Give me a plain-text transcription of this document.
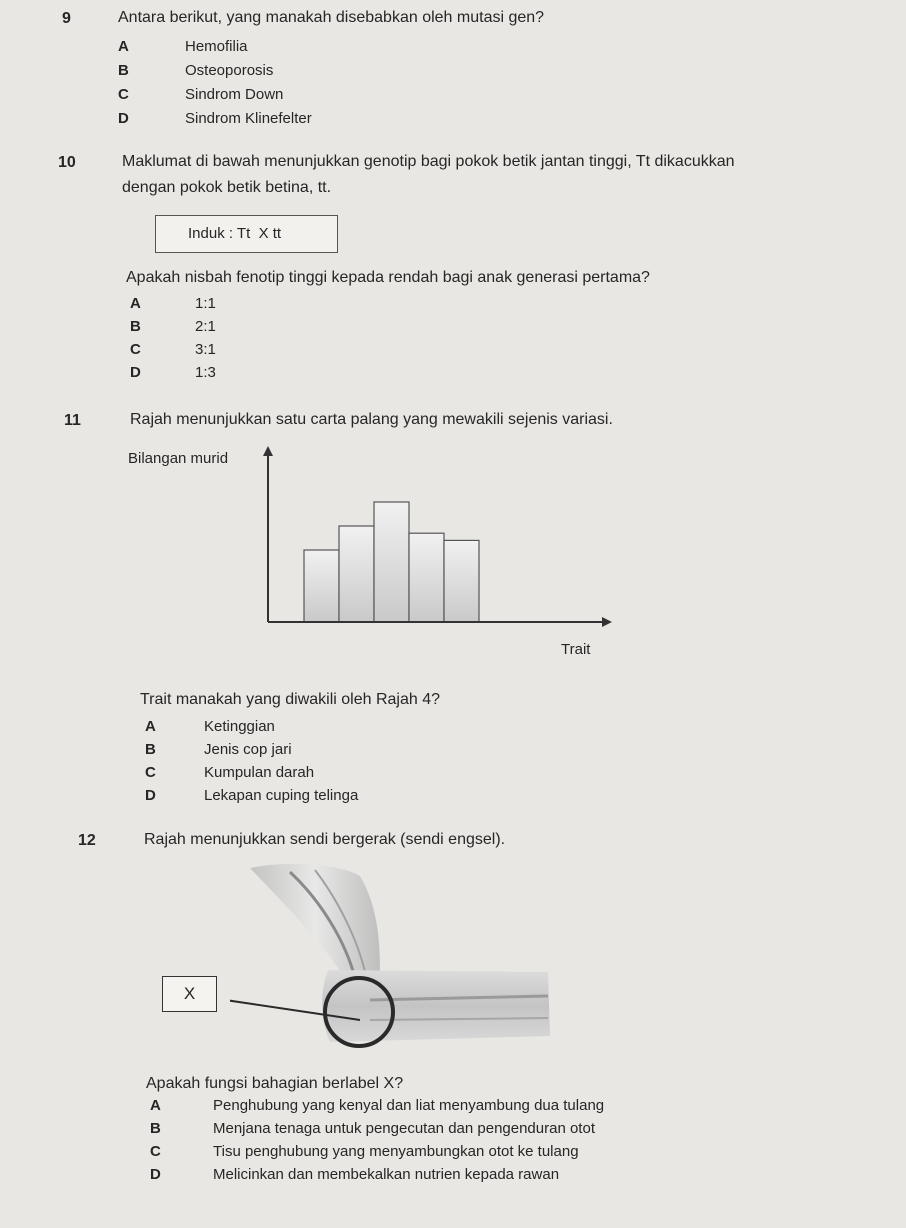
9	Antara berikut, yang manakah disebabkan oleh mutasi gen?
A	Hemofilia
B	Osteoporosis
C	Sindrom Down
D	Sindrom Klinefelter
10	Maklumat di bawah menunjukkan genotip bagi pokok betik jantan tinggi, Tt dikacukkan
dengan pokok betik betina, tt.
Induk : Tt  X tt
Apakah nisbah fenotip tinggi kepada rendah bagi anak generasi pertama?
A	1:1
B	2:1
C	3:1
D	1:3
11	Rajah menunjukkan satu carta palang yang mewakili sejenis variasi.
Bilangan murid
Trait
Trait manakah yang diwakili oleh Rajah 4?
A	Ketinggian
B	Jenis cop jari
C	Kumpulan darah
D	Lekapan cuping telinga
12	Rajah menunjukkan sendi bergerak (sendi engsel).
X
Apakah fungsi bahagian berlabel X?
A	Penghubung yang kenyal dan liat menyambung dua tulang
B	Menjana tenaga untuk pengecutan dan pengenduran otot
C	Tisu penghubung yang menyambungkan otot ke tulang
D	Melicinkan dan membekalkan nutrien kepada rawan
